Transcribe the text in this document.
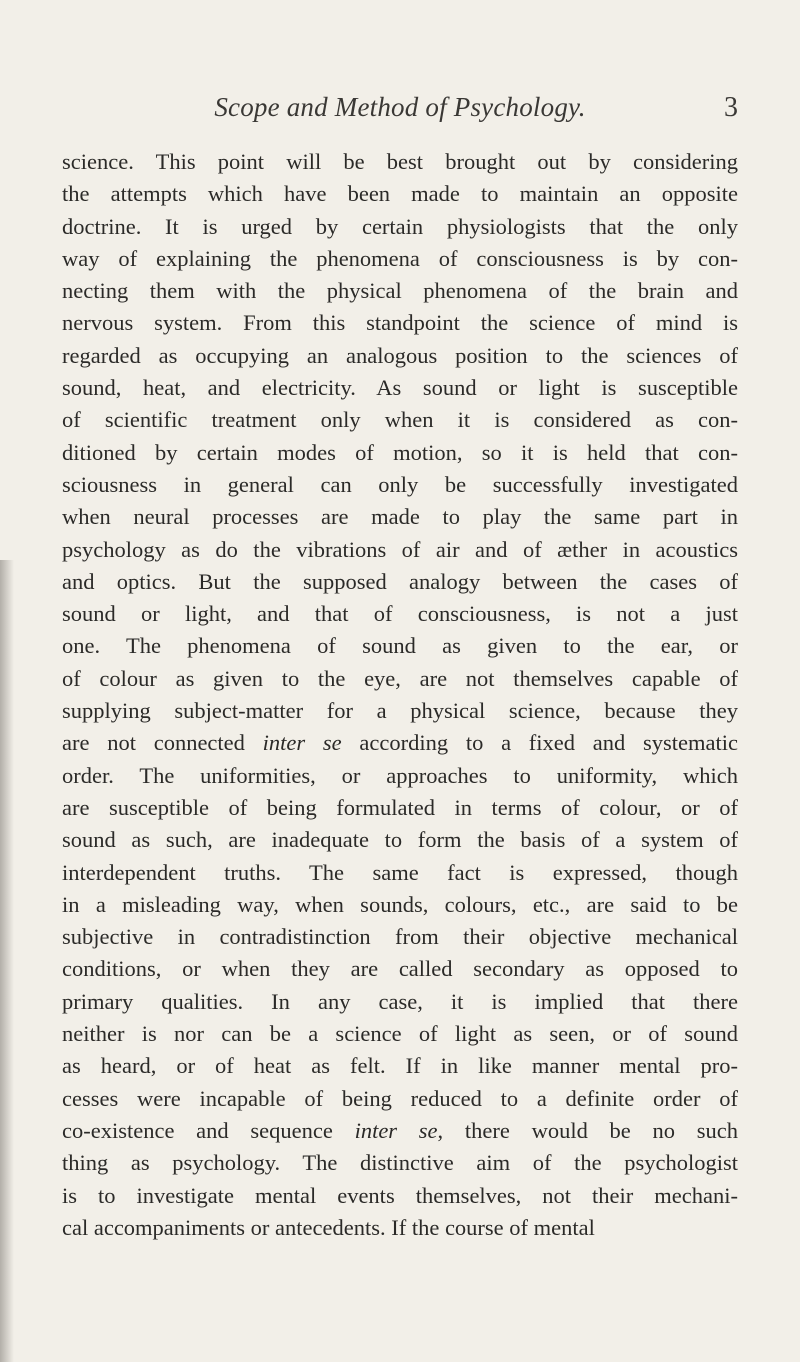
Scope and Method of Psychology.	3
science. This point will be best brought out by considering
the attempts which have been made to maintain an opposite
doctrine. It is urged by certain physiologists that the only
way of explaining the phenomena of consciousness is by con-
necting them with the physical phenomena of the brain and
nervous system. From this standpoint the science of mind is
regarded as occupying an analogous position to the sciences of
sound, heat, and electricity. As sound or light is susceptible
of scientific treatment only when it is considered as con-
ditioned by certain modes of motion, so it is held that con-
sciousness in general can only be successfully investigated
when neural processes are made to play the same part in
psychology as do the vibrations of air and of æther in acoustics
and optics. But the supposed analogy between the cases of
sound or light, and that of consciousness, is not a just
one. The phenomena of sound as given to the ear, or
of colour as given to the eye, are not themselves capable of
supplying subject-matter for a physical science, because they
are not connected inter se according to a fixed and systematic
order. The uniformities, or approaches to uniformity, which
are susceptible of being formulated in terms of colour, or of
sound as such, are inadequate to form the basis of a system of
interdependent truths. The same fact is expressed, though
in a misleading way, when sounds, colours, etc., are said to be
subjective in contradistinction from their objective mechanical
conditions, or when they are called secondary as opposed to
primary qualities. In any case, it is implied that there
neither is nor can be a science of light as seen, or of sound
as heard, or of heat as felt. If in like manner mental pro-
cesses were incapable of being reduced to a definite order of
co-existence and sequence inter se, there would be no such
thing as psychology. The distinctive aim of the psychologist
is to investigate mental events themselves, not their mechani-
cal accompaniments or antecedents. If the course of mental
